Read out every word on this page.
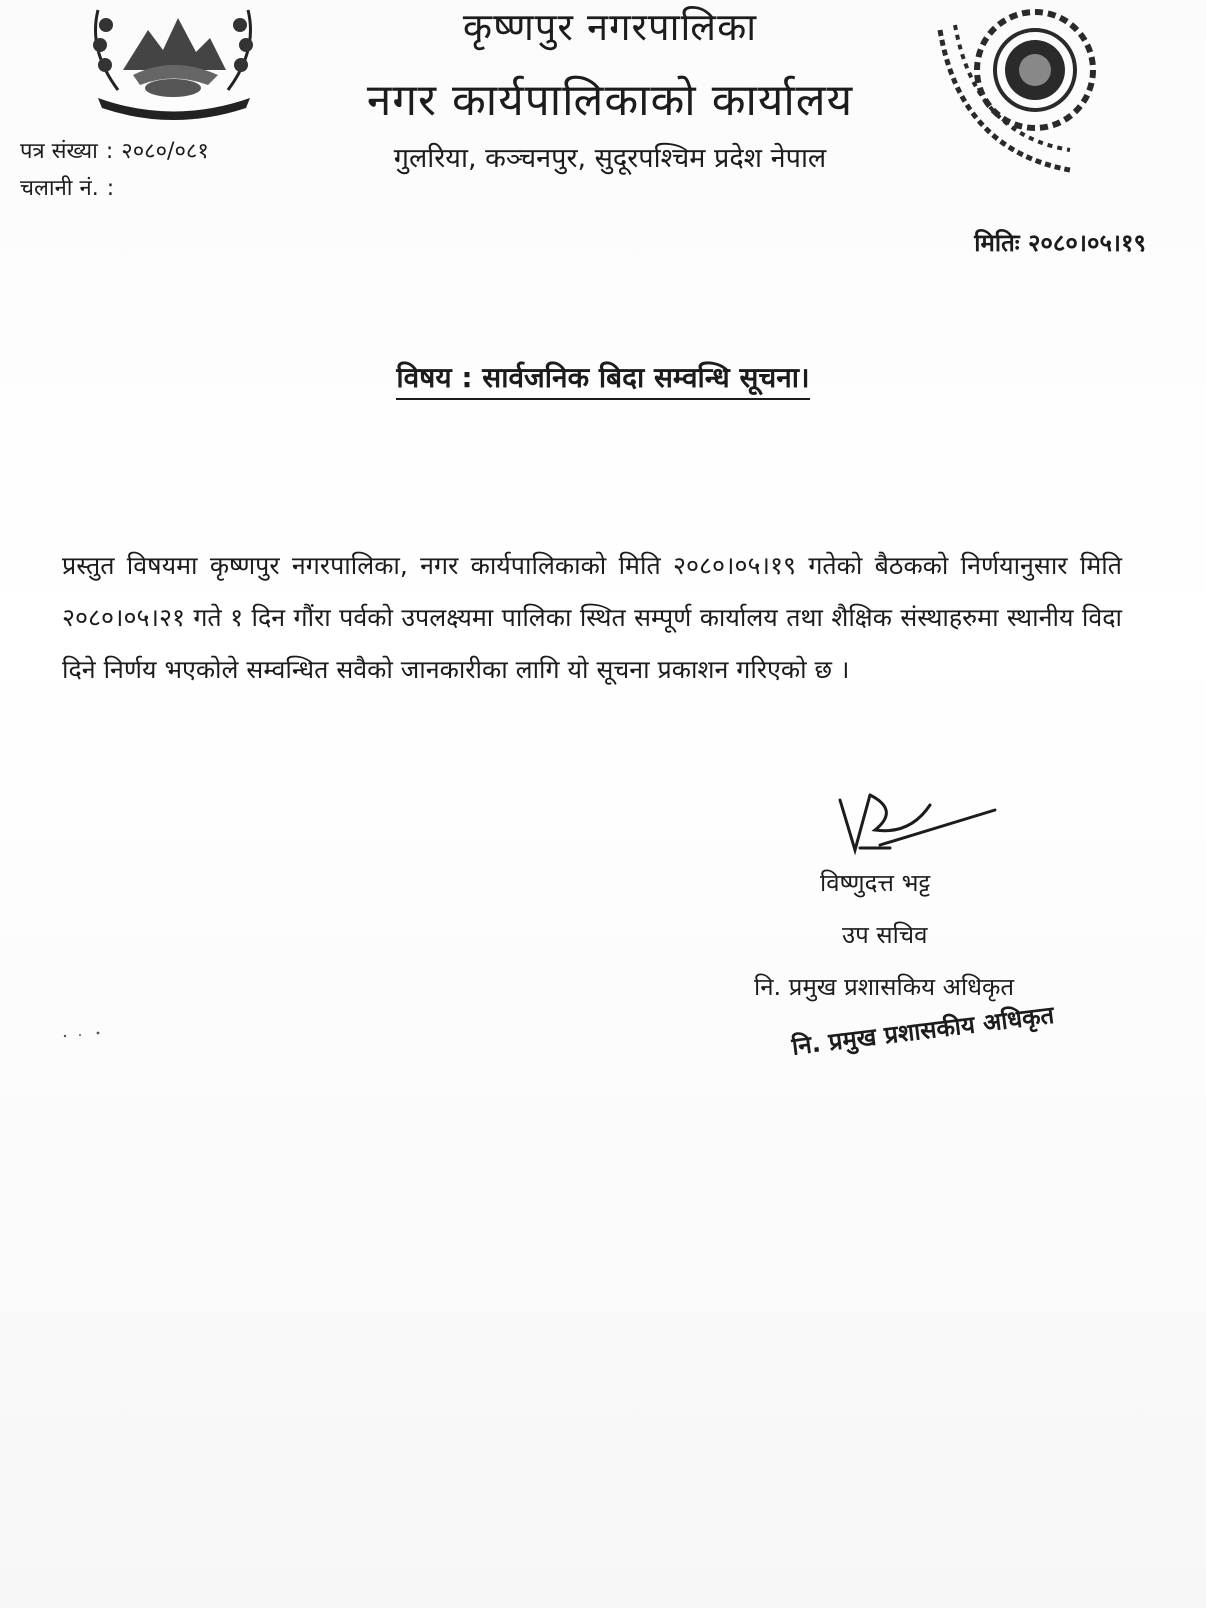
कृष्णपुर नगरपालिका
नगर कार्यपालिकाको कार्यालय
गुलरिया, कञ्चनपुर, सुदूरपश्चिम प्रदेश नेपाल
पत्र संख्या : २०८०/०८१
चलानी नं. :
मितिः २०८०।०५।१९
विषय : सार्वजनिक बिदा सम्वन्धि सूचना।
प्रस्तुत विषयमा कृष्णपुर नगरपालिका, नगर कार्यपालिकाको मिति २०८०।०५।१९ गतेको बैठकको निर्णयानुसार मिति २०८०।०५।२१ गते १ दिन गौंरा पर्वको उपलक्ष्यमा पालिका स्थित सम्पूर्ण कार्यालय तथा शैक्षिक संस्थाहरुमा स्थानीय विदा दिने निर्णय भएकोले सम्वन्धित सवैको जानकारीका लागि यो सूचना प्रकाशन गरिएको छ ।
विष्णुदत्त भट्ट
उप सचिव
नि. प्रमुख प्रशासकिय अधिकृत
नि. प्रमुख प्रशासकीय अधिकृत
